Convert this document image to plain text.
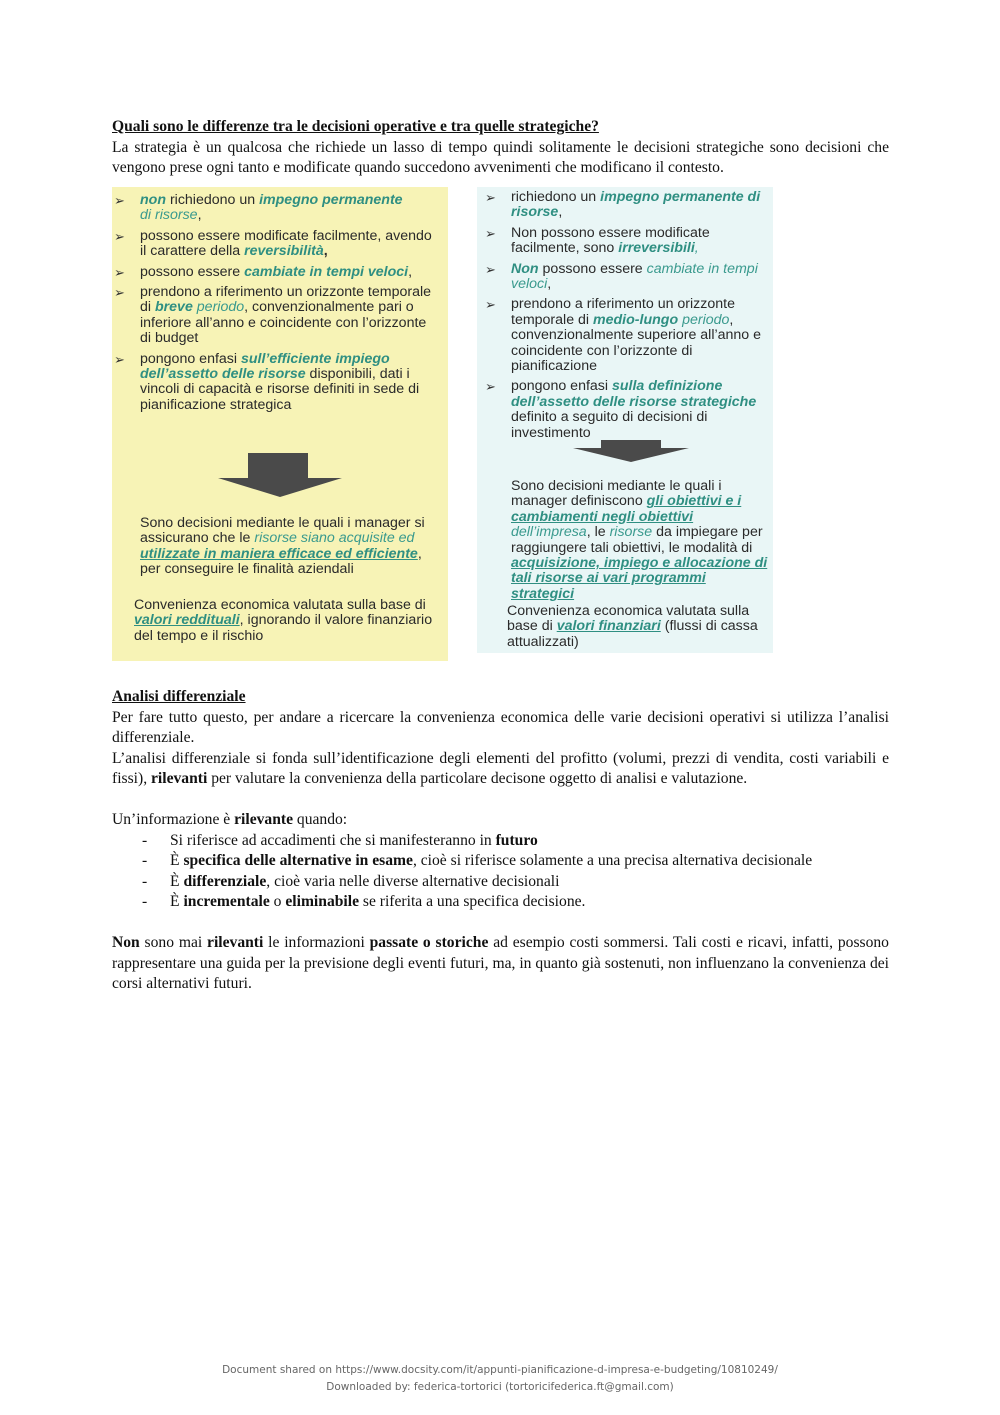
Quali sono le differenze tra le decisioni operative e tra quelle strategiche?

La strategia è un qualcosa che richiede un lasso di tempo quindi solitamente le decisioni strategiche sono decisioni che vengono prese ogni tanto e modificate quando succedono avvenimenti che modificano il contesto.

➢ non richiedono un impegno permanente
di risorse,
➢ possono essere modificate facilmente, avendo il carattere della reversibilità,
➢ possono essere cambiate in tempi veloci,
➢ prendono a riferimento un orizzonte temporale di breve periodo, convenzionalmente pari o inferiore all’anno e coincidente con l’orizzonte di budget
➢ pongono enfasi sull’efficiente impiego dell’assetto delle risorse disponibili, dati i vincoli di capacità e risorse definiti in sede di pianificazione strategica
Sono decisioni mediante le quali i manager si assicurano che le risorse siano acquisite ed utilizzate in maniera efficace ed efficiente, per conseguire le finalità aziendali
Convenienza economica valutata sulla base di valori reddituali, ignorando il valore finanziario del tempo e il rischio
➢ richiedono un impegno permanente di risorse,
➢ Non possono essere modificate facilmente, sono irreversibili,
➢ Non possono essere cambiate in tempi veloci,
➢ prendono a riferimento un orizzonte temporale di medio-lungo periodo, convenzionalmente superiore all’anno e coincidente con l’orizzonte di pianificazione
➢ pongono enfasi sulla definizione dell’assetto delle risorse strategiche definito a seguito di decisioni di investimento
Sono decisioni mediante le quali i manager definiscono gli obiettivi e i cambiamenti negli obiettivi dell’impresa, le risorse da impiegare per raggiungere tali obiettivi, le modalità di acquisizione, impiego e allocazione di tali risorse ai vari programmi strategici
Convenienza economica valutata sulla base di valori finanziari (flussi di cassa attualizzati)

Analisi differenziale

Per fare tutto questo, per andare a ricercare la convenienza economica delle varie decisioni operativi si utilizza l’analisi differenziale.

L’analisi differenziale si fonda sull’identificazione degli elementi del profitto (volumi, prezzi di vendita, costi variabili e fissi), rilevanti per valutare la convenienza della particolare decisone oggetto di analisi e valutazione.

Un’informazione è rilevante quando:

- Si riferisce ad accadimenti che si manifesteranno in futuro
- È specifica delle alternative in esame, cioè si riferisce solamente a una precisa alternativa decisionale
- È differenziale, cioè varia nelle diverse alternative decisionali
- È incrementale o eliminabile se riferita a una specifica decisione.

Non sono mai rilevanti le informazioni passate o storiche ad esempio costi sommersi. Tali costi e ricavi, infatti, possono rappresentare una guida per la previsione degli eventi futuri, ma, in quanto già sostenuti, non influenzano la convenienza dei corsi alternativi futuri.

Document shared on https://www.docsity.com/it/appunti-pianificazione-d-impresa-e-budgeting/10810249/
Downloaded by: federica-tortorici (tortoricifederica.ft@gmail.com)
